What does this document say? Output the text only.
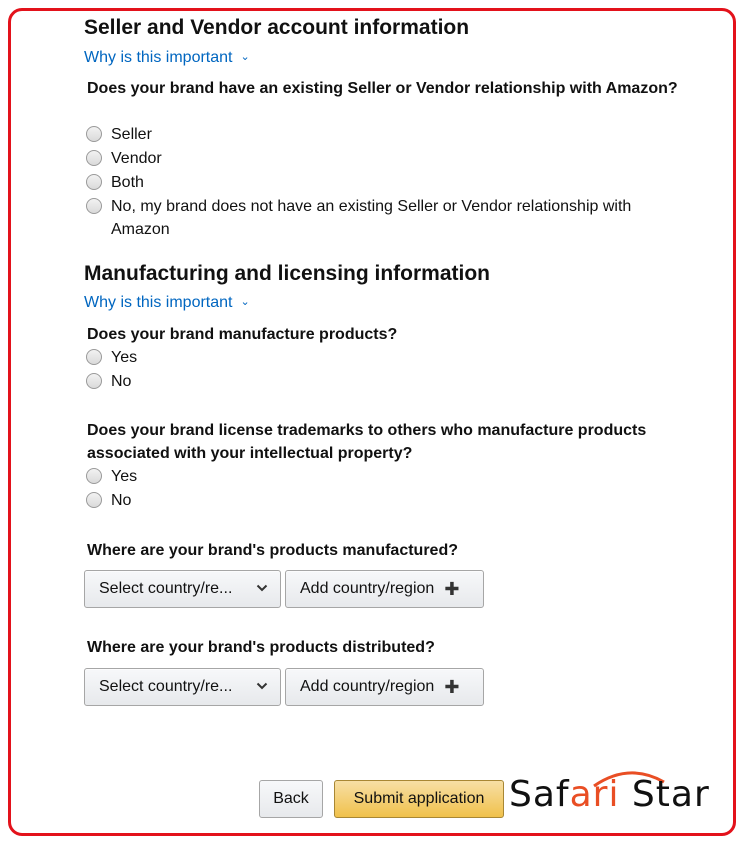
Seller and Vendor account information
Why is this important ⌄
Does your brand have an existing Seller or Vendor relationship with Amazon?
Seller
Vendor
Both
No, my brand does not have an existing Seller or Vendor relationship with Amazon
Manufacturing and licensing information
Why is this important ⌄
Does your brand manufacture products?
Yes
No
Does your brand license trademarks to others who manufacture products associated with your intellectual property?
Yes
No
Where are your brand's products manufactured?
Select country/re...	Add country/region ✚
Where are your brand's products distributed?
Select country/re...	Add country/region ✚
Back	Submit application Safari Star
